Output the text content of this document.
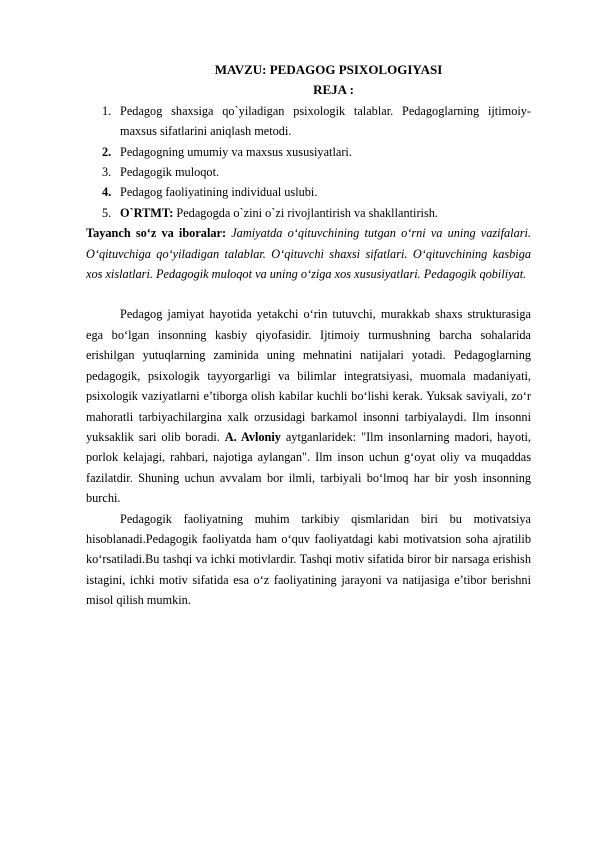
MAVZU: PEDAGOG PSIXOLOGIYASI
REJA :
1. Pedagog shaxsiga qo`yiladigan psixologik talablar. Pedagoglarning ijtimoiy-maxsus sifatlarini aniqlash metodi.
2. Pedagogning umumiy va maxsus xususiyatlari.
3. Pedagogik muloqot.
4. Pedagog faoliyatining individual uslubi.
5. O`RTMT: Pedagogda o`zini o`zi rivojlantirish va shakllantirish.
Tayanch so‘z va iboralar: Jamiyatda o‘qituvchining tutgan o‘rni va uning vazifalari. O‘qituvchiga qo‘yiladigan talablar. O‘qituvchi shaxsi sifatlari. O‘qituvchining kasbiga xos xislatlari. Pedagogik muloqot va uning o‘ziga xos xususiyatlari. Pedagogik qobiliyat.
Pedagog jamiyat hayotida yetakchi o‘rin tutuvchi, murakkab shaxs strukturasiga ega bo‘lgan insonning kasbiy qiyofasidir. Ijtimoiy turmushning barcha sohalarida erishilgan yutuqlarning zaminida uning mehnatini natijalari yotadi. Pedagoglarning pedagogik, psixologik tayyorgarligi va bilimlar integratsiyasi, muomala madaniyati, psixologik vaziyatlarni e’tiborga olish kabilar kuchli bo‘lishi kerak. Yuksak saviyali, zo‘r mahoratli tarbiyachilargina xalk orzusidagi barkamol insonni tarbiyalaydi. Ilm insonni yuksaklik sari olib boradi. A. Avloniy aytganlaridek: "Ilm insonlarning madori, hayoti, porlok kelajagi, rahbari, najotiga aylangan". Ilm inson uchun g‘oyat oliy va muqaddas fazilatdir. Shuning uchun avvalam bor ilmli, tarbiyali bo‘lmoq har bir yosh insonning burchi.
Pedagogik faoliyatning muhim tarkibiy qismlaridan biri bu motivatsiya hisoblanadi.Pedagogik faoliyatda ham o‘quv faoliyatdagi kabi motivatsion soha ajratilib ko‘rsatiladi.Bu tashqi va ichki motivlardir. Tashqi motiv sifatida biror bir narsaga erishish istagini, ichki motiv sifatida esa o‘z faoliyatining jarayoni va natijasiga e’tibor berishni misol qilish mumkin.
